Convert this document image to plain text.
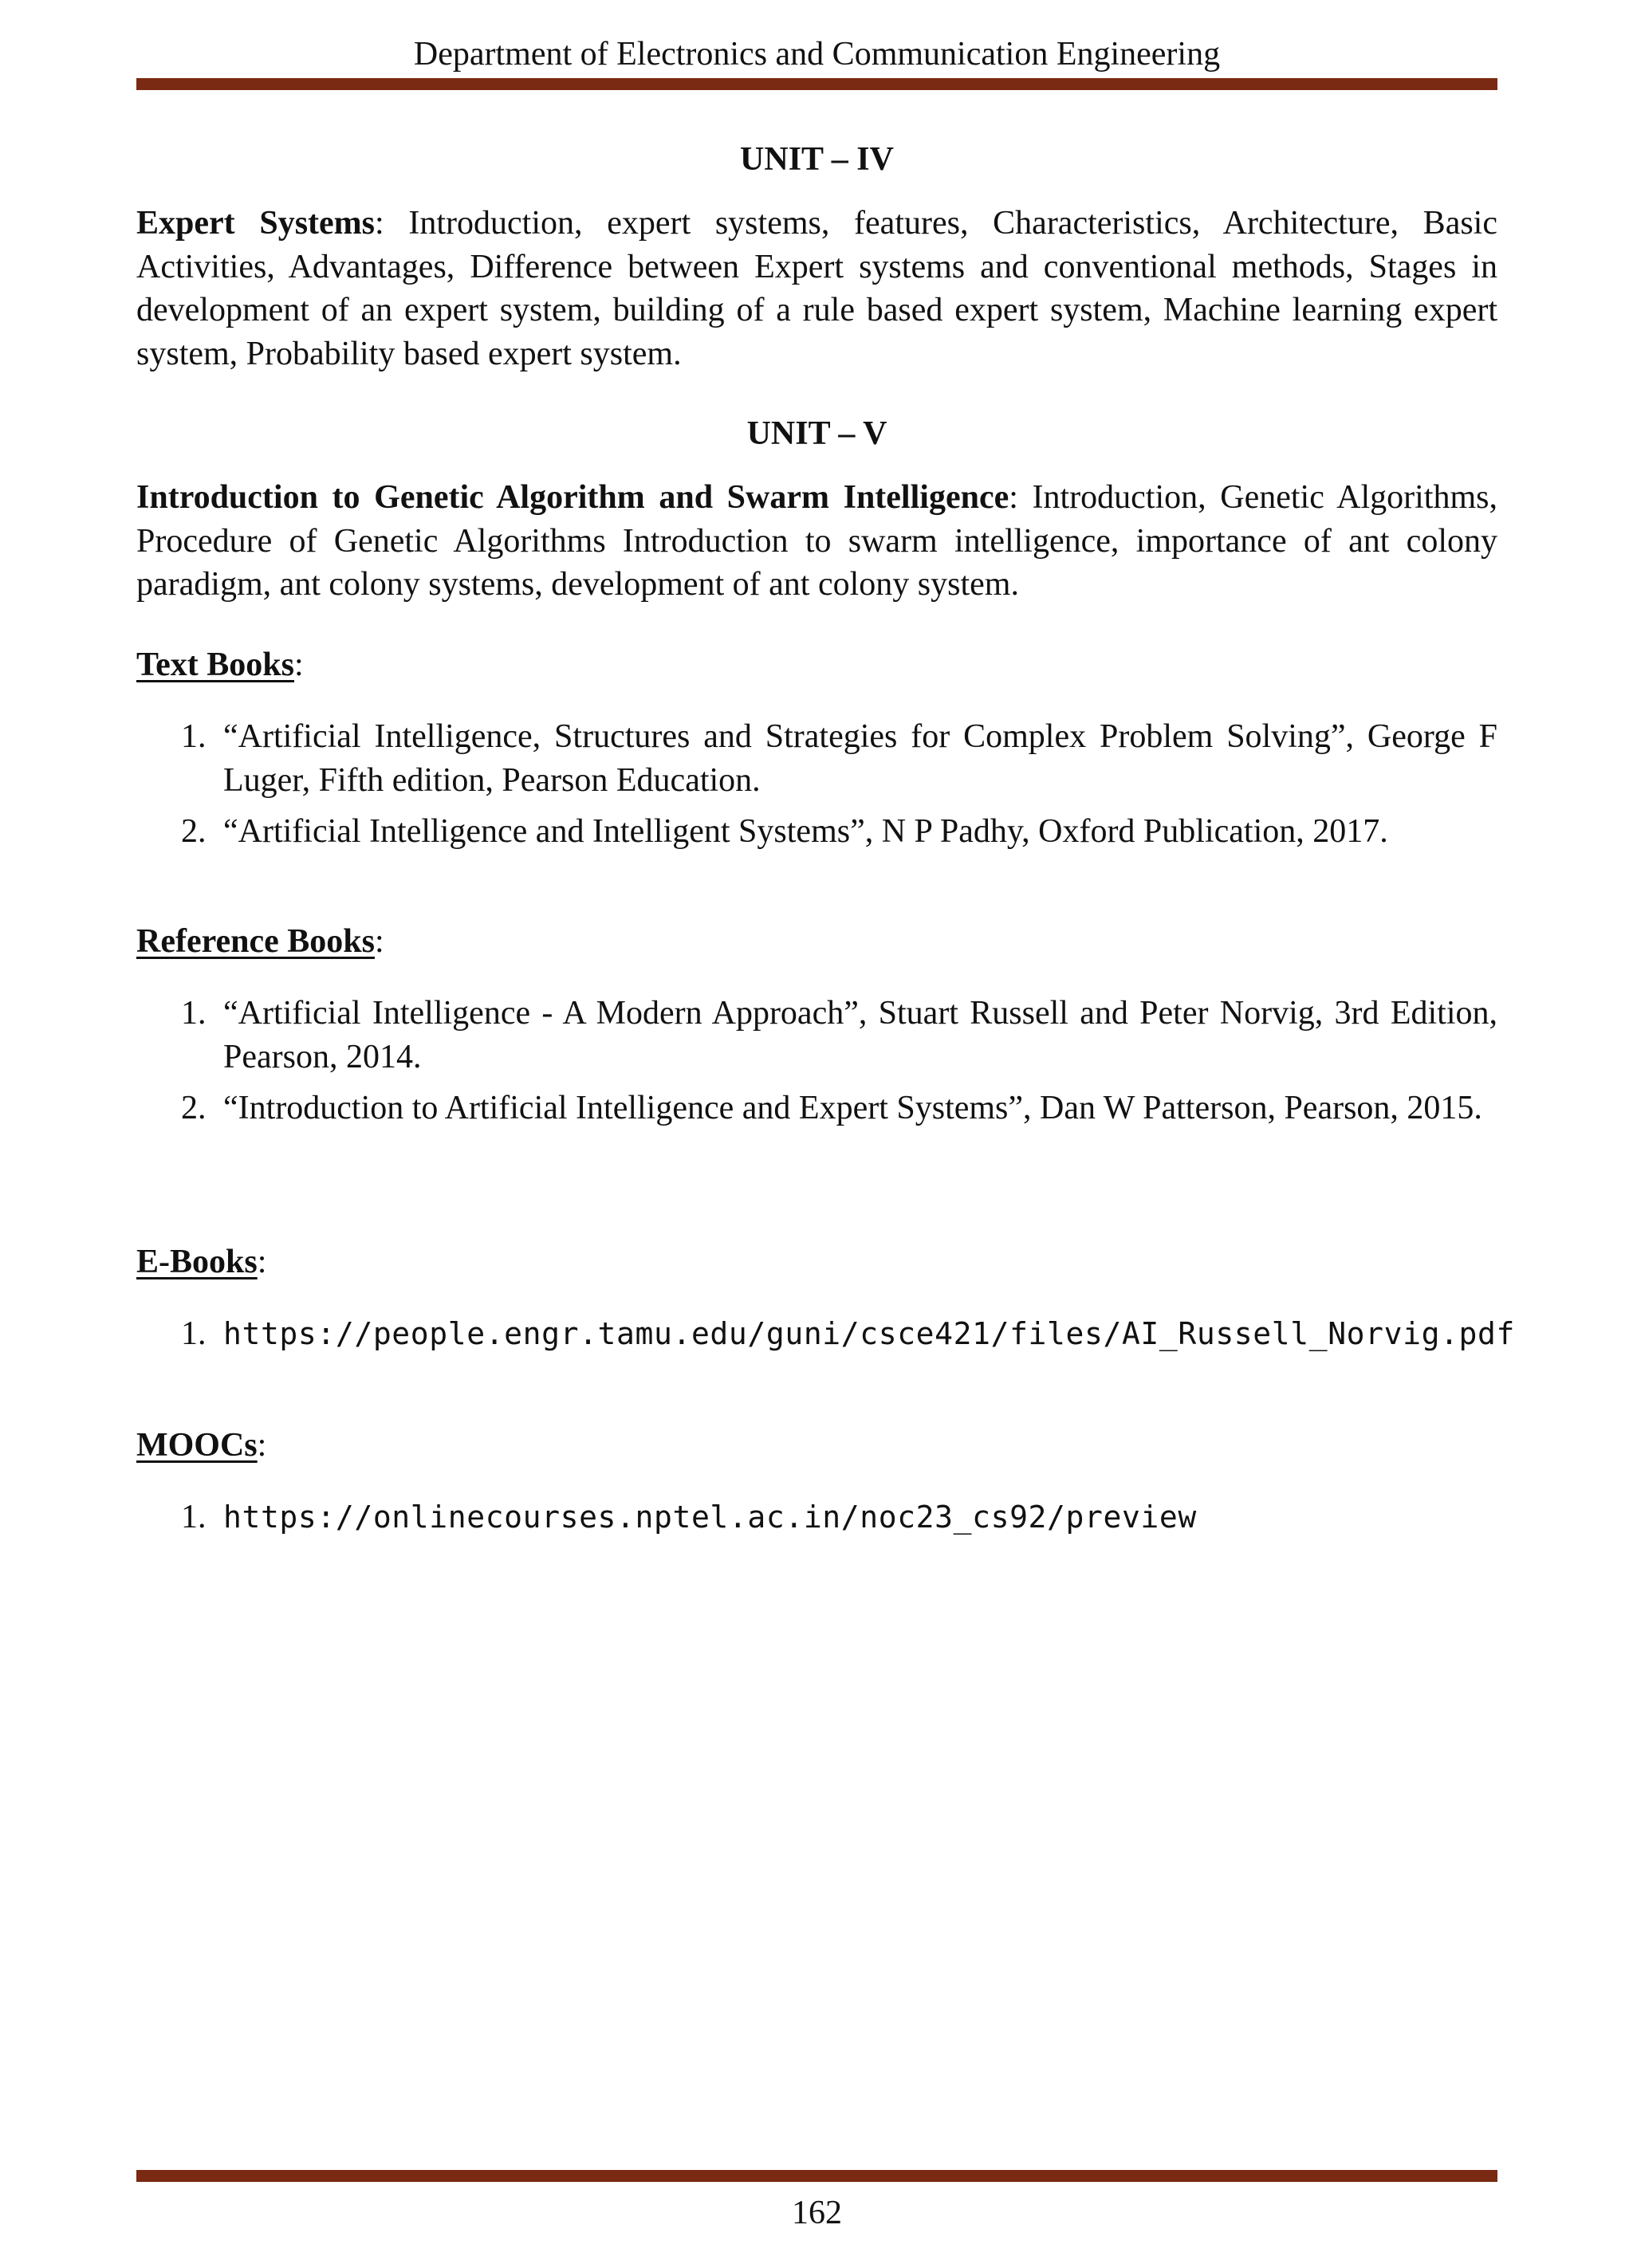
Department of Electronics and Communication Engineering
UNIT – IV
Expert Systems: Introduction, expert systems, features, Characteristics, Architecture, Basic Activities, Advantages, Difference between Expert systems and conventional methods, Stages in development of an expert system, building of a rule based expert system, Machine learning expert system, Probability based expert system.
UNIT – V
Introduction to Genetic Algorithm and Swarm Intelligence: Introduction, Genetic Algorithms, Procedure of Genetic Algorithms Introduction to swarm intelligence, importance of ant colony paradigm, ant colony systems, development of ant colony system.
Text Books:
1. “Artificial Intelligence, Structures and Strategies for Complex Problem Solving”, George F Luger, Fifth edition, Pearson Education.
2. “Artificial Intelligence and Intelligent Systems”, N P Padhy, Oxford Publication, 2017.
Reference Books:
1. “Artificial Intelligence - A Modern Approach”, Stuart Russell and Peter Norvig, 3rd Edition, Pearson, 2014.
2. “Introduction to Artificial Intelligence and Expert Systems”, Dan W Patterson, Pearson, 2015.
E-Books:
1. https://people.engr.tamu.edu/guni/csce421/files/AI_Russell_Norvig.pdf
MOOCs:
1. https://onlinecourses.nptel.ac.in/noc23_cs92/preview
162
